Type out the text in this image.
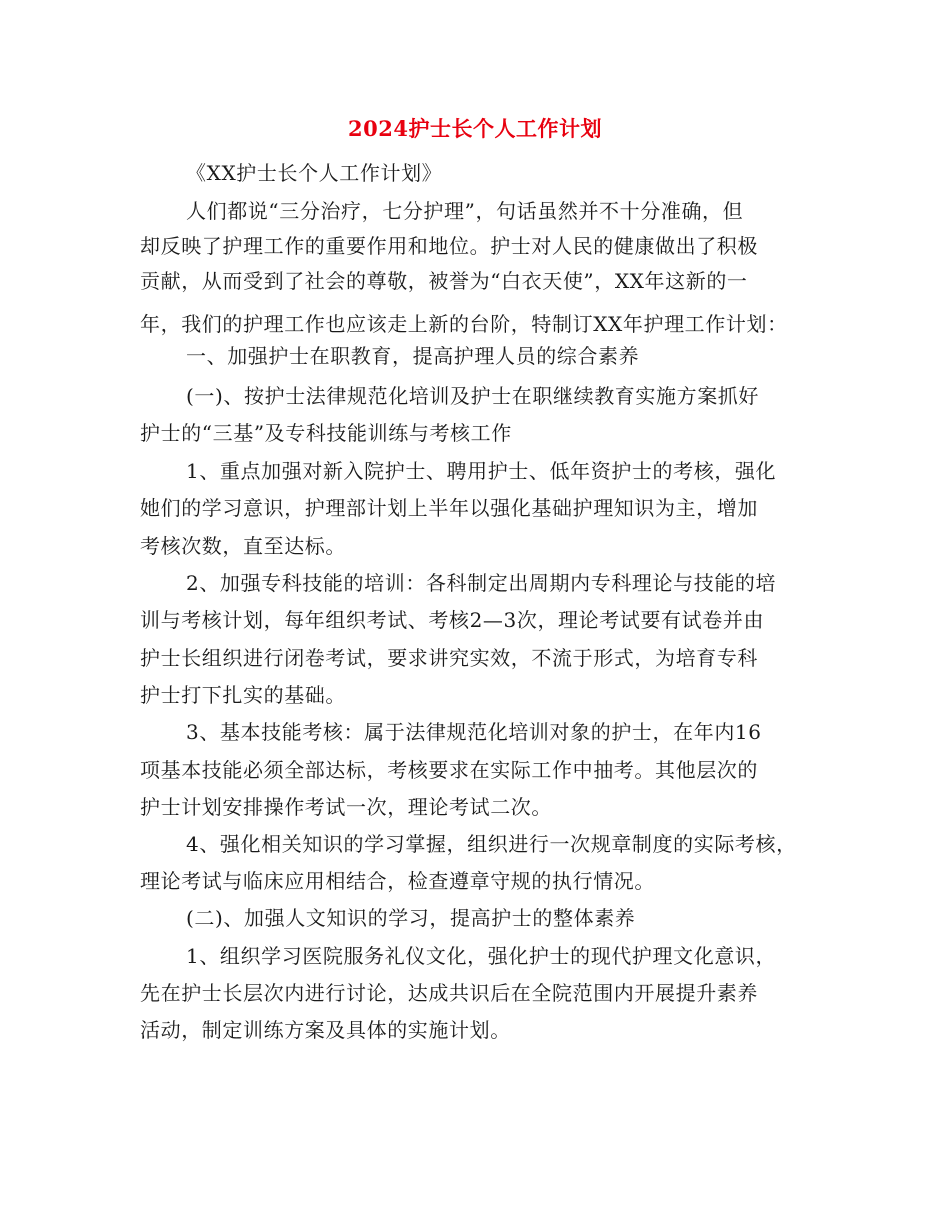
2024护士长个人工作计划
《XX护士长个人工作计划》
人们都说“三分治疗，七分护理”，句话虽然并不十分准确，但
却反映了护理工作的重要作用和地位。护士对人民的健康做出了积极
贡献，从而受到了社会的尊敬，被誉为“白衣天使”，XX年这新的一
年，我们的护理工作也应该走上新的台阶，特制订XX年护理工作计划：
一、加强护士在职教育，提高护理人员的综合素养
(一)、按护士法律规范化培训及护士在职继续教育实施方案抓好
护士的“三基”及专科技能训练与考核工作
1、重点加强对新入院护士、聘用护士、低年资护士的考核，强化
她们的学习意识，护理部计划上半年以强化基础护理知识为主，增加
考核次数，直至达标。
2、加强专科技能的培训：各科制定出周期内专科理论与技能的培
训与考核计划，每年组织考试、考核2—3次，理论考试要有试卷并由
护士长组织进行闭卷考试，要求讲究实效，不流于形式，为培育专科
护士打下扎实的基础。
3、基本技能考核：属于法律规范化培训对象的护士，在年内16
项基本技能必须全部达标，考核要求在实际工作中抽考。其他层次的
护士计划安排操作考试一次，理论考试二次。
4、强化相关知识的学习掌握，组织进行一次规章制度的实际考核，
理论考试与临床应用相结合，检查遵章守规的执行情况。
(二)、加强人文知识的学习，提高护士的整体素养
1、组织学习医院服务礼仪文化，强化护士的现代护理文化意识，
先在护士长层次内进行讨论，达成共识后在全院范围内开展提升素养
活动，制定训练方案及具体的实施计划。
